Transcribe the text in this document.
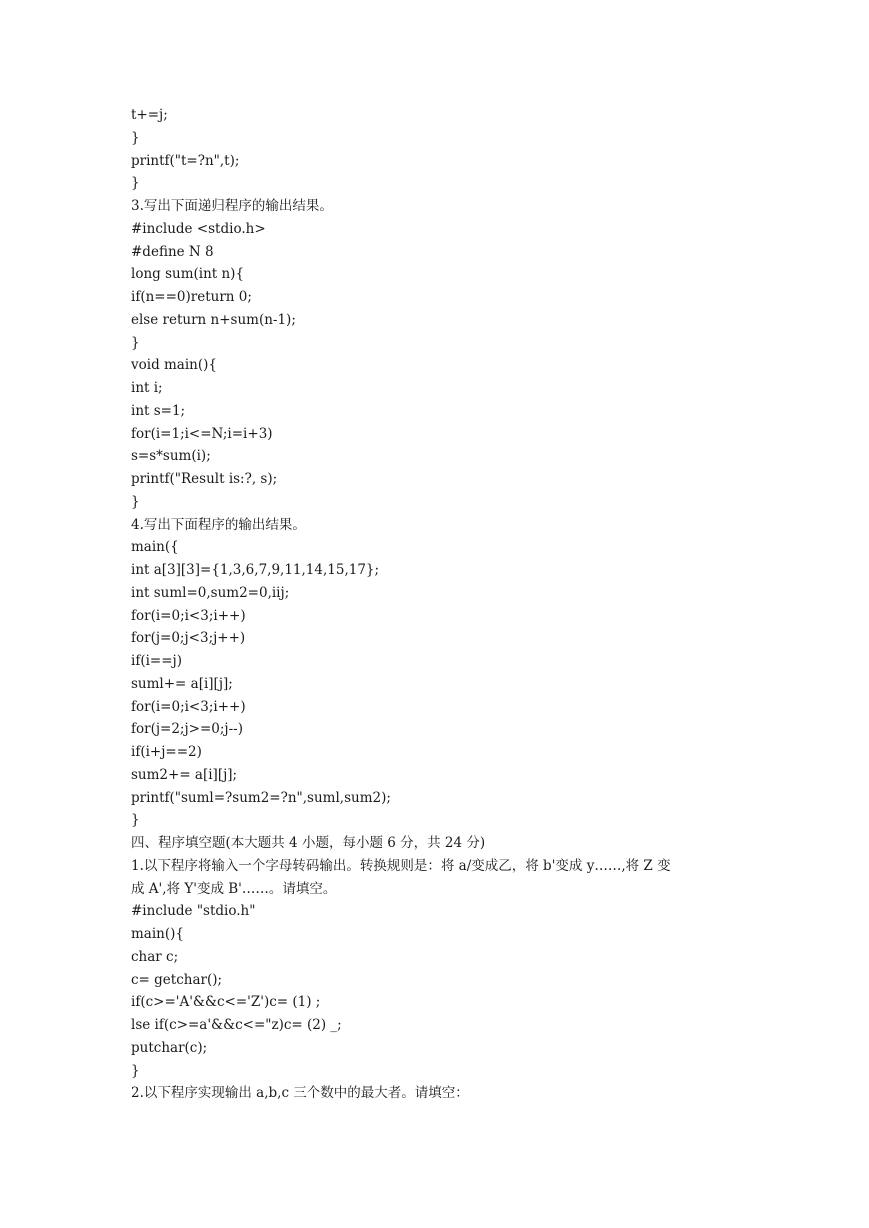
t+=j;
}
printf("t=?n",t);
}
3.写出下面递归程序的输出结果。
#include <stdio.h>
#define N 8
long sum(int n){
if(n==0)return 0;
else return n+sum(n-1);
}
void main(){
int i;
int s=1;
for(i=1;i<=N;i=i+3)
s=s*sum(i);
printf("Result is:?, s);
}
4.写出下面程序的输出结果。
main({
int a[3][3]={1,3,6,7,9,11,14,15,17};
int suml=0,sum2=0,iij;
for(i=0;i<3;i++)
for(j=0;j<3;j++)
if(i==j)
suml+= a[i][j];
for(i=0;i<3;i++)
for(j=2;j>=0;j--)
if(i+j==2)
sum2+= a[i][j];
printf("suml=?sum2=?n",suml,sum2);
}
四、程序填空题(本大题共 4 小题，每小题 6 分，共 24 分)
1.以下程序将输入一个字母转码输出。转换规则是：将 a/变成乙，将 b'变成 y……,将 Z 变
成 A',将 Y'变成 B'……。请填空。
#include "stdio.h"
main(){
char c;
c= getchar();
if(c>='A'&&c<='Z')c= (1) ;
lse if(c>=a'&&c<="z)c= (2) _;
putchar(c);
}
2.以下程序实现输出 a,b,c 三个数中的最大者。请填空：
